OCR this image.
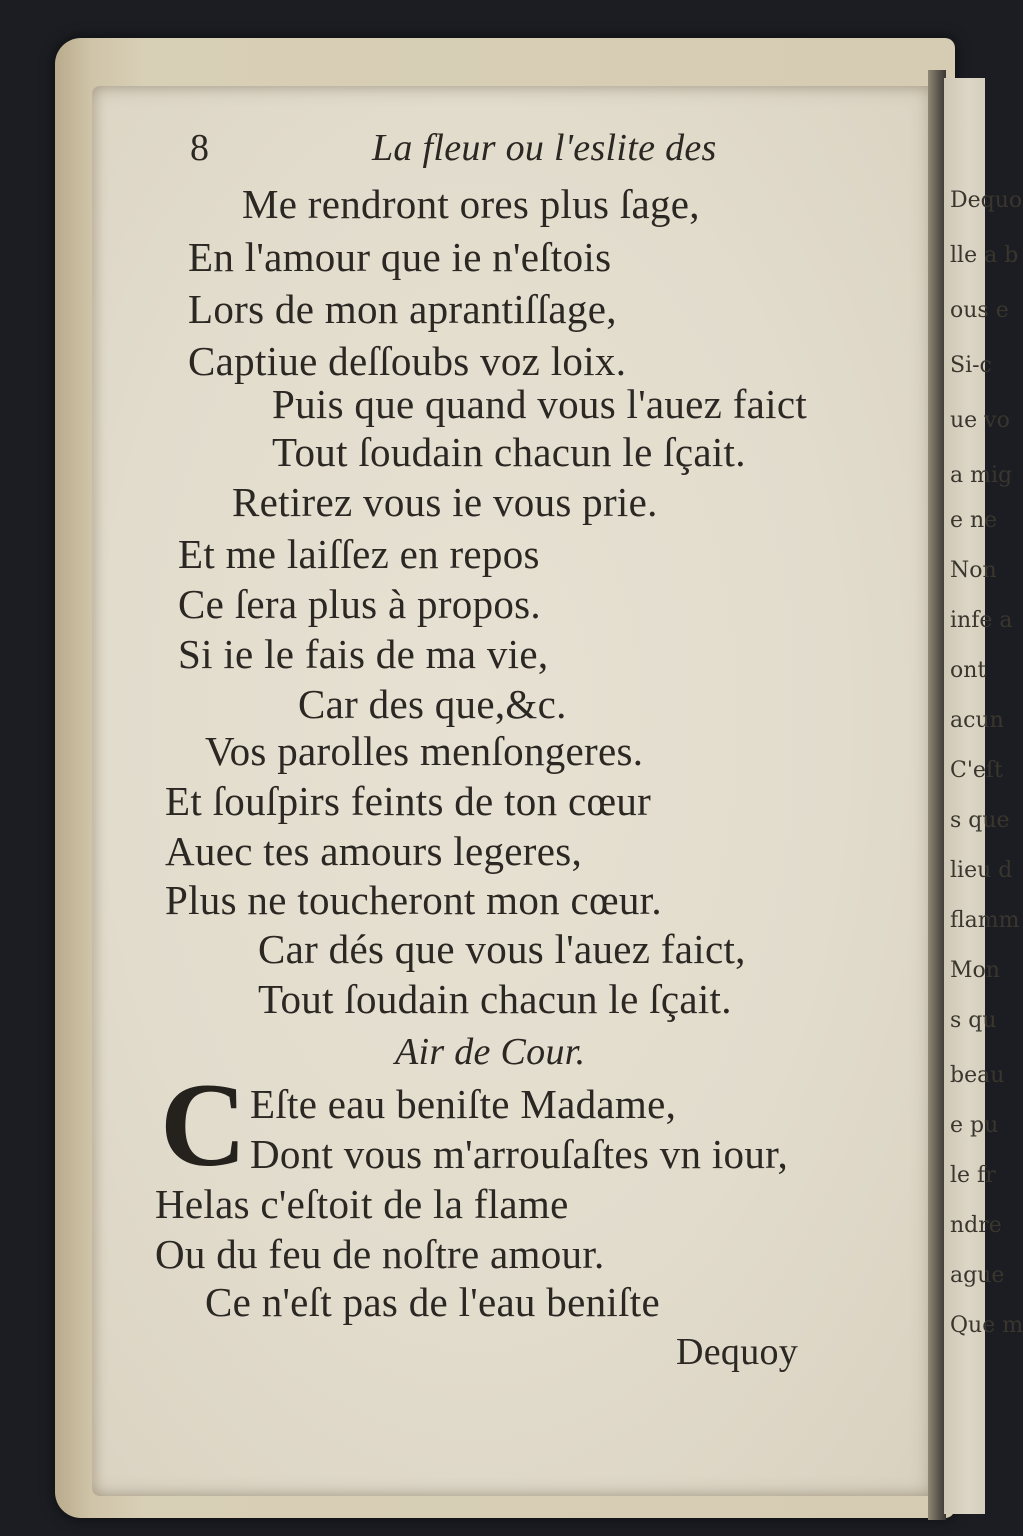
Dequo
lle a b
ous e
Si-c
ue vo
a mig
e ne
Non
infe a
ont
acun
C'eſt
s que
lieu d
flamm
Mon
s qu
beau
e pu
le fr
ndre
ague
Que m
8	La fleur ou l'eslite des
Me rendront ores plus ſage,
En l'amour que ie n'eſtois
Lors de mon aprantiſſage,
Captiue deſſoubs voz loix.
Puis que quand vous l'auez faict
Tout ſoudain chacun le ſçait.
Retirez vous ie vous prie.
Et me laiſſez en repos
Ce ſera plus à propos.
Si ie le fais de ma vie,
Car des que,&c.
Vos parolles menſongeres.
Et ſouſpirs feints de ton cœur
Auec tes amours legeres,
Plus ne toucheront mon cœur.
Car dés que vous l'auez faict,
Tout ſoudain chacun le ſçait.
Air de Cour.
C Eſte eau beniſte Madame,
Dont vous m'arrouſaſtes vn iour,
Helas c'eſtoit de la flame
Ou du feu de noſtre amour.
Ce n'eſt pas de l'eau beniſte
Dequoy
